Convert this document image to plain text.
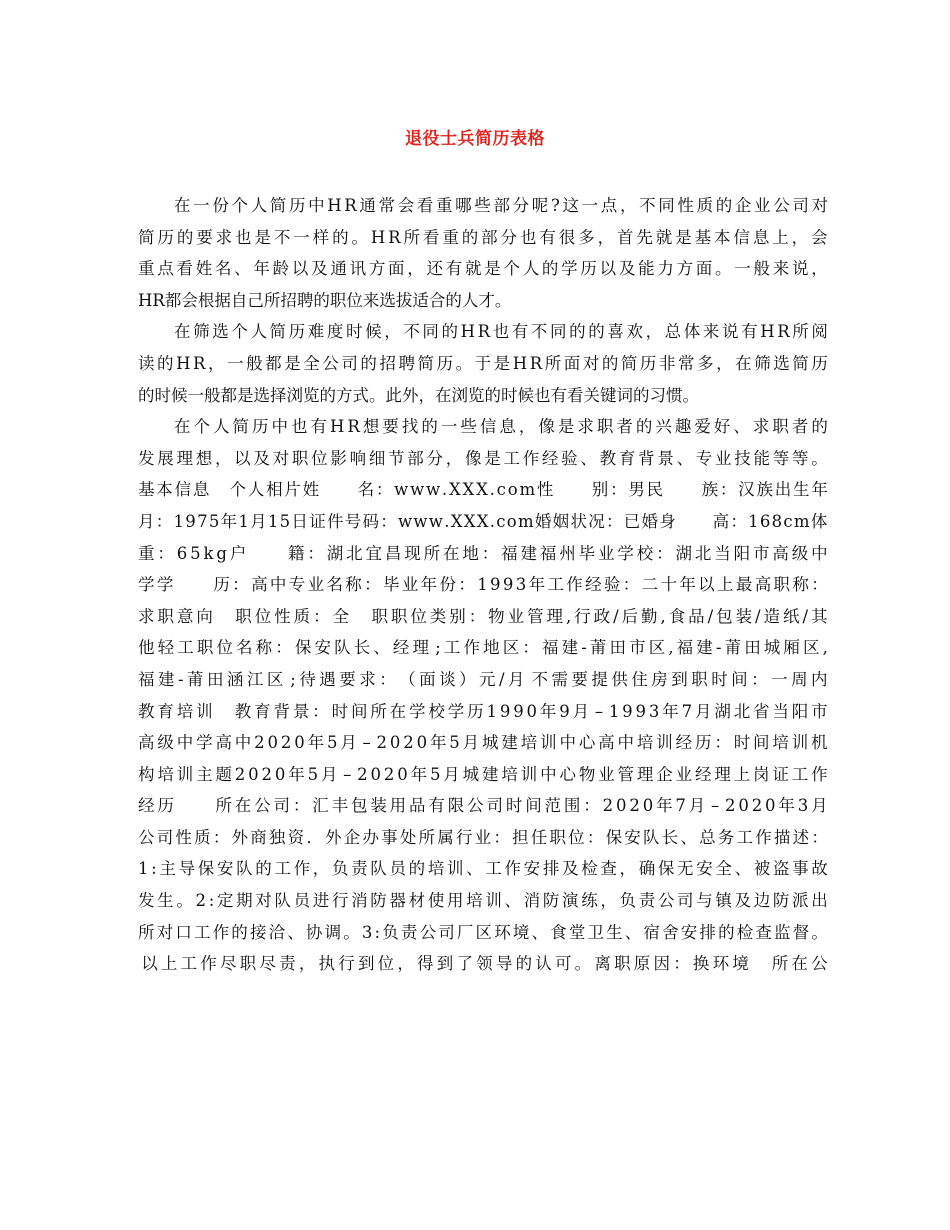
退役士兵简历表格
在 一 份 个 人 简 历 中 H R 通 常 会 看 重 哪 些 部 分 呢 ? 这 一 点 ， 不 同 性 质 的 企 业 公 司 对
简 历 的 要 求 也 是 不 一 样 的 。 H R 所 看 重 的 部 分 也 有 很 多 ， 首 先 就 是 基 本 信 息 上 ， 会
重 点 看 姓 名 、 年 龄 以 及 通 讯 方 面 ， 还 有 就 是 个 人 的 学 历 以 及 能 力 方 面 。 一 般 来 说 ，
HR都会根据自己所招聘的职位来选拔适合的人才。
在 筛 选 个 人 简 历 难 度 时 候 ， 不 同 的 H R 也 有 不 同 的 的 喜 欢 ， 总 体 来 说 有 H R 所 阅
读 的 H R ， 一 般 都 是 全 公 司 的 招 聘 简 历 。 于 是 H R 所 面 对 的 简 历 非 常 多 ， 在 筛 选 简 历
的时候一般都是选择浏览的方式。此外，在浏览的时候也有看关键词的习惯。
在 个 人 简 历 中 也 有 H R 想 要 找 的 一 些 信 息 ， 像 是 求 职 者 的 兴 趣 爱 好 、 求 职 者 的
发 展 理 想 ， 以 及 对 职 位 影 响 细 节 部 分 ， 像 是 工 作 经 验 、 教 育 背 景 、 专 业 技 能 等 等 。
基 本 信 息
　 个 人 相 片 姓

　 名 ： w w w . X X X . c o m 性

　 别 ： 男 民

　 族 ： 汉 族 出 生 年
月 ： 1 9 7 5 年 1 月 1 5 日 证 件 号 码 ： w w w . X X X . c o m 婚 姻 状 况 ： 已 婚 身

　 高 ： 1 6 8 c m 体
重 ： 6 5 k g 户

　	籍 ： 湖 北 宜 昌 现 所 在 地 ： 福 建 福 州 毕 业 学 校 ： 湖 北 当 阳 市 高 级 中
学 学

　 历 ： 高 中 专 业 名 称 ： 毕 业 年 份 ： 1 9 9 3 年 工 作 经 验 ： 二 十 年 以 上 最 高 职 称 ：
求 职 意 向
　 职 位 性 质 ： 全
　 职 职 位 类 别 ： 物 业 管 理 , 行 政 / 后 勤 , 食 品 / 包 装 / 造 纸 / 其
他 轻 工 职 位 名 称 ： 保 安 队 长 、 经 理 ; 工 作 地 区 ： 福 建 - 莆 田 市 区 , 福 建 - 莆 田 城 厢 区 ,
福 建 - 莆 田 涵 江 区 ; 待 遇 要 求 ： （ 面 谈 ） 元 / 月 不 需 要 提 供 住 房 到 职 时 间 ： 一 周 内
教 育 培 训
　 教 育 背 景 ： 时 间 所 在 学 校 学 历 1 9 9 0 年 9 月 – 1 9 9 3 年 7 月 湖 北 省 当 阳 市
高 级 中 学 高 中 2 0 2 0 年 5 月 – 2 0 2 0 年 5 月 城 建 培 训 中 心 高 中 培 训 经 历 ： 时 间 培 训 机
构 培 训 主 题 2 0 2 0 年 5 月 – 2 0 2 0 年 5 月 城 建 培 训 中 心 物 业 管 理 企 业 经 理 上 岗 证 工 作
经 历

　	所 在 公 司 ： 汇 丰 包 装 用 品 有 限 公 司 时 间 范 围 ： 2 0 2 0 年 7 月 – 2 0 2 0 年 3 月
公 司 性 质 ： 外 商 独 资 ． 外 企 办 事 处 所 属 行 业 ： 担 任 职 位 ： 保 安 队 长 、 总 务 工 作 描 述 ：
1 : 主 导 保 安 队 的 工 作 ， 负 责 队 员 的 培 训 、 工 作 安 排 及 检 查 ， 确 保 无 安 全 、 被 盗 事 故
发 生 。 2 : 定 期 对 队 员 进 行 消 防 器 材 使 用 培 训 、 消 防 演 练 ， 负 责 公 司 与 镇 及 边 防 派 出
所 对 口 工 作 的 接 洽 、 协 调 。 3 : 负 责 公 司 厂 区 环 境 、 食 堂 卫 生 、 宿 舍 安 排 的 检 查 监 督 。
以 上 工 作 尽 职 尽 责 ， 执 行 到 位 ， 得 到 了 领 导 的 认 可 。 离 职 原 因 ： 换 环 境
　 所 在 公
